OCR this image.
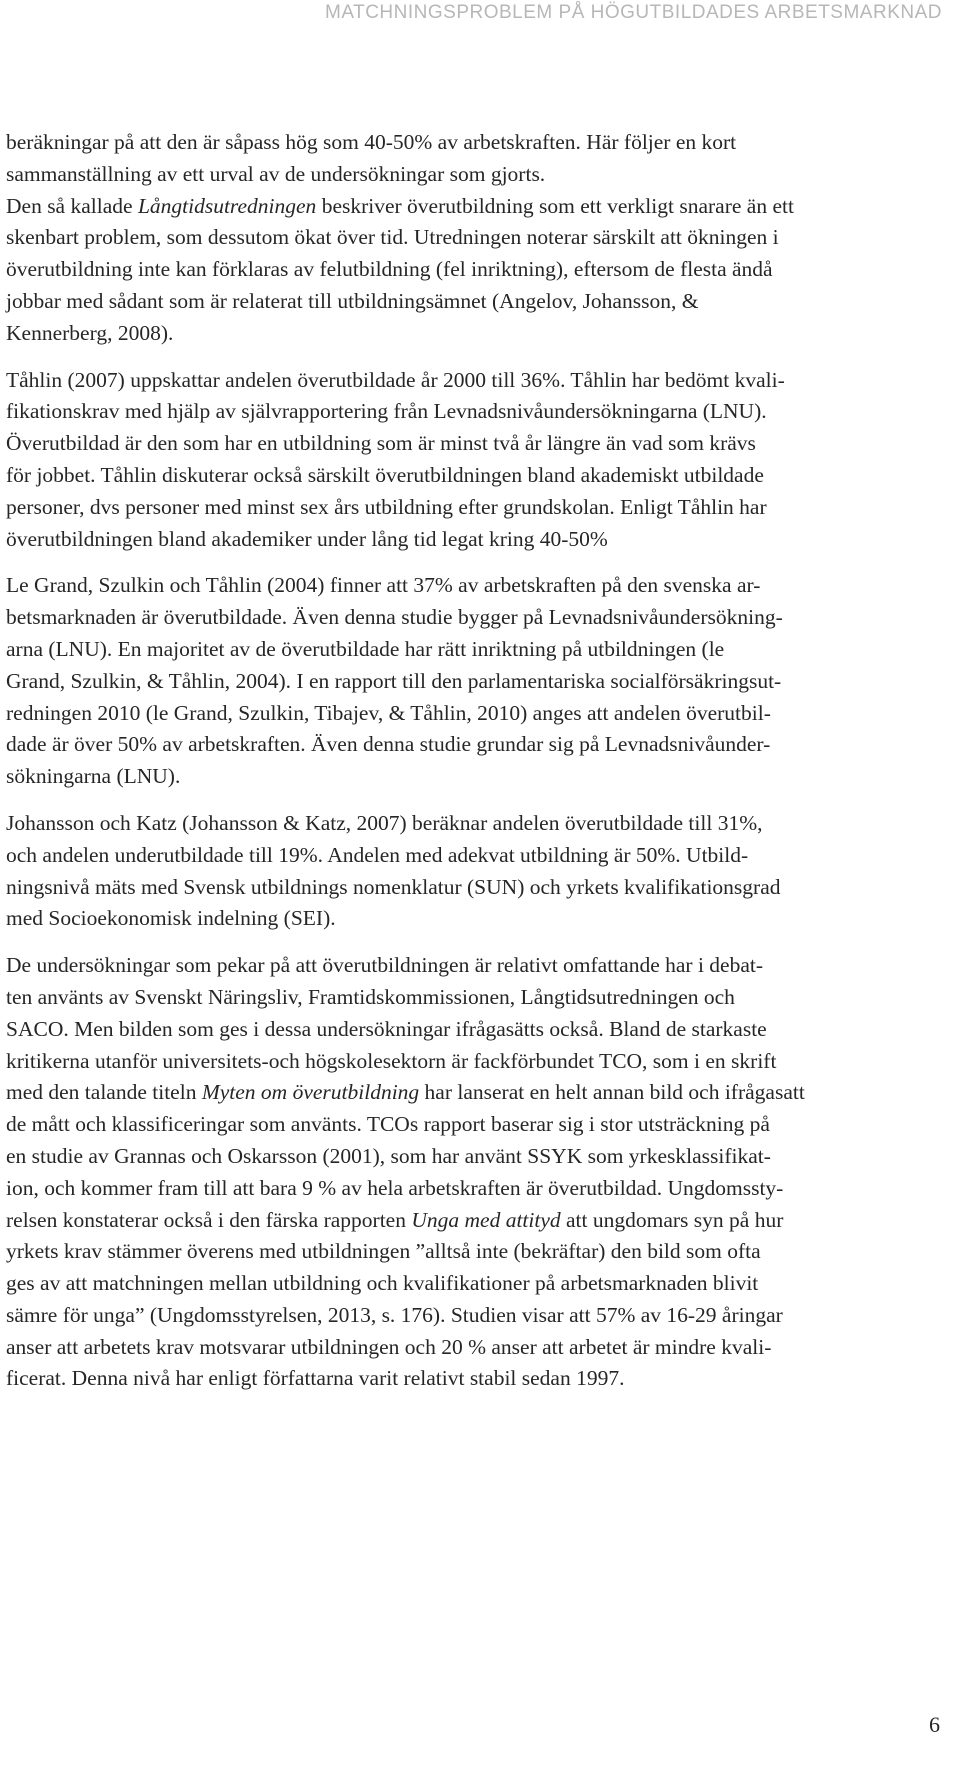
MATCHNINGSPROBLEM PÅ HÖGUTBILDADES ARBETSMARKNAD

beräkningar på att den är såpass hög som 40-50% av arbetskraften. Här följer en kort
sammanställning av ett urval av de undersökningar som gjorts.
Den så kallade Långtidsutredningen beskriver överutbildning som ett verkligt snarare än ett
skenbart problem, som dessutom ökat över tid. Utredningen noterar särskilt att ökningen i
överutbildning inte kan förklaras av felutbildning (fel inriktning), eftersom de flesta ändå
jobbar med sådant som är relaterat till utbildningsämnet (Angelov, Johansson, &
Kennerberg, 2008).

Tåhlin (2007) uppskattar andelen överutbildade år 2000 till 36%. Tåhlin har bedömt kvali-
fikationskrav med hjälp av självrapportering från Levnadsnivåundersökningarna (LNU).
Överutbildad är den som har en utbildning som är minst två år längre än vad som krävs
för jobbet. Tåhlin diskuterar också särskilt överutbildningen bland akademiskt utbildade
personer, dvs personer med minst sex års utbildning efter grundskolan. Enligt Tåhlin har
överutbildningen bland akademiker under lång tid legat kring 40-50%

Le Grand, Szulkin och Tåhlin (2004) finner att 37% av arbetskraften på den svenska ar-
betsmarknaden är överutbildade. Även denna studie bygger på Levnadsnivåundersökning-
arna (LNU). En majoritet av de överutbildade har rätt inriktning på utbildningen (le
Grand, Szulkin, & Tåhlin, 2004). I en rapport till den parlamentariska socialförsäkringsut-
redningen 2010 (le Grand, Szulkin, Tibajev, & Tåhlin, 2010) anges att andelen överutbil-
dade är över 50% av arbetskraften. Även denna studie grundar sig på Levnadsnivåunder-
sökningarna (LNU).

Johansson och Katz (Johansson & Katz, 2007) beräknar andelen överutbildade till 31%,
och andelen underutbildade till 19%. Andelen med adekvat utbildning är 50%. Utbild-
ningsnivå mäts med Svensk utbildnings nomenklatur (SUN) och yrkets kvalifikationsgrad
med Socioekonomisk indelning (SEI).

De undersökningar som pekar på att överutbildningen är relativt omfattande har i debat-
ten använts av Svenskt Näringsliv, Framtidskommissionen, Långtidsutredningen och
SACO. Men bilden som ges i dessa undersökningar ifrågasätts också. Bland de starkaste
kritikerna utanför universitets-och högskolesektorn är fackförbundet TCO, som i en skrift
med den talande titeln Myten om överutbildning har lanserat en helt annan bild och ifrågasatt
de mått och klassificeringar som använts. TCOs rapport baserar sig i stor utsträckning på
en studie av Grannas och Oskarsson (2001), som har använt SSYK som yrkesklassifikat-
ion, och kommer fram till att bara 9 % av hela arbetskraften är överutbildad. Ungdomssty-
relsen konstaterar också i den färska rapporten Unga med attityd att ungdomars syn på hur
yrkets krav stämmer överens med utbildningen ”alltså inte (bekräftar) den bild som ofta
ges av att matchningen mellan utbildning och kvalifikationer på arbetsmarknaden blivit
sämre för unga” (Ungdomsstyrelsen, 2013, s. 176). Studien visar att 57% av 16-29 åringar
anser att arbetets krav motsvarar utbildningen och 20 % anser att arbetet är mindre kvali-
ficerat. Denna nivå har enligt författarna varit relativt stabil sedan 1997.

6
